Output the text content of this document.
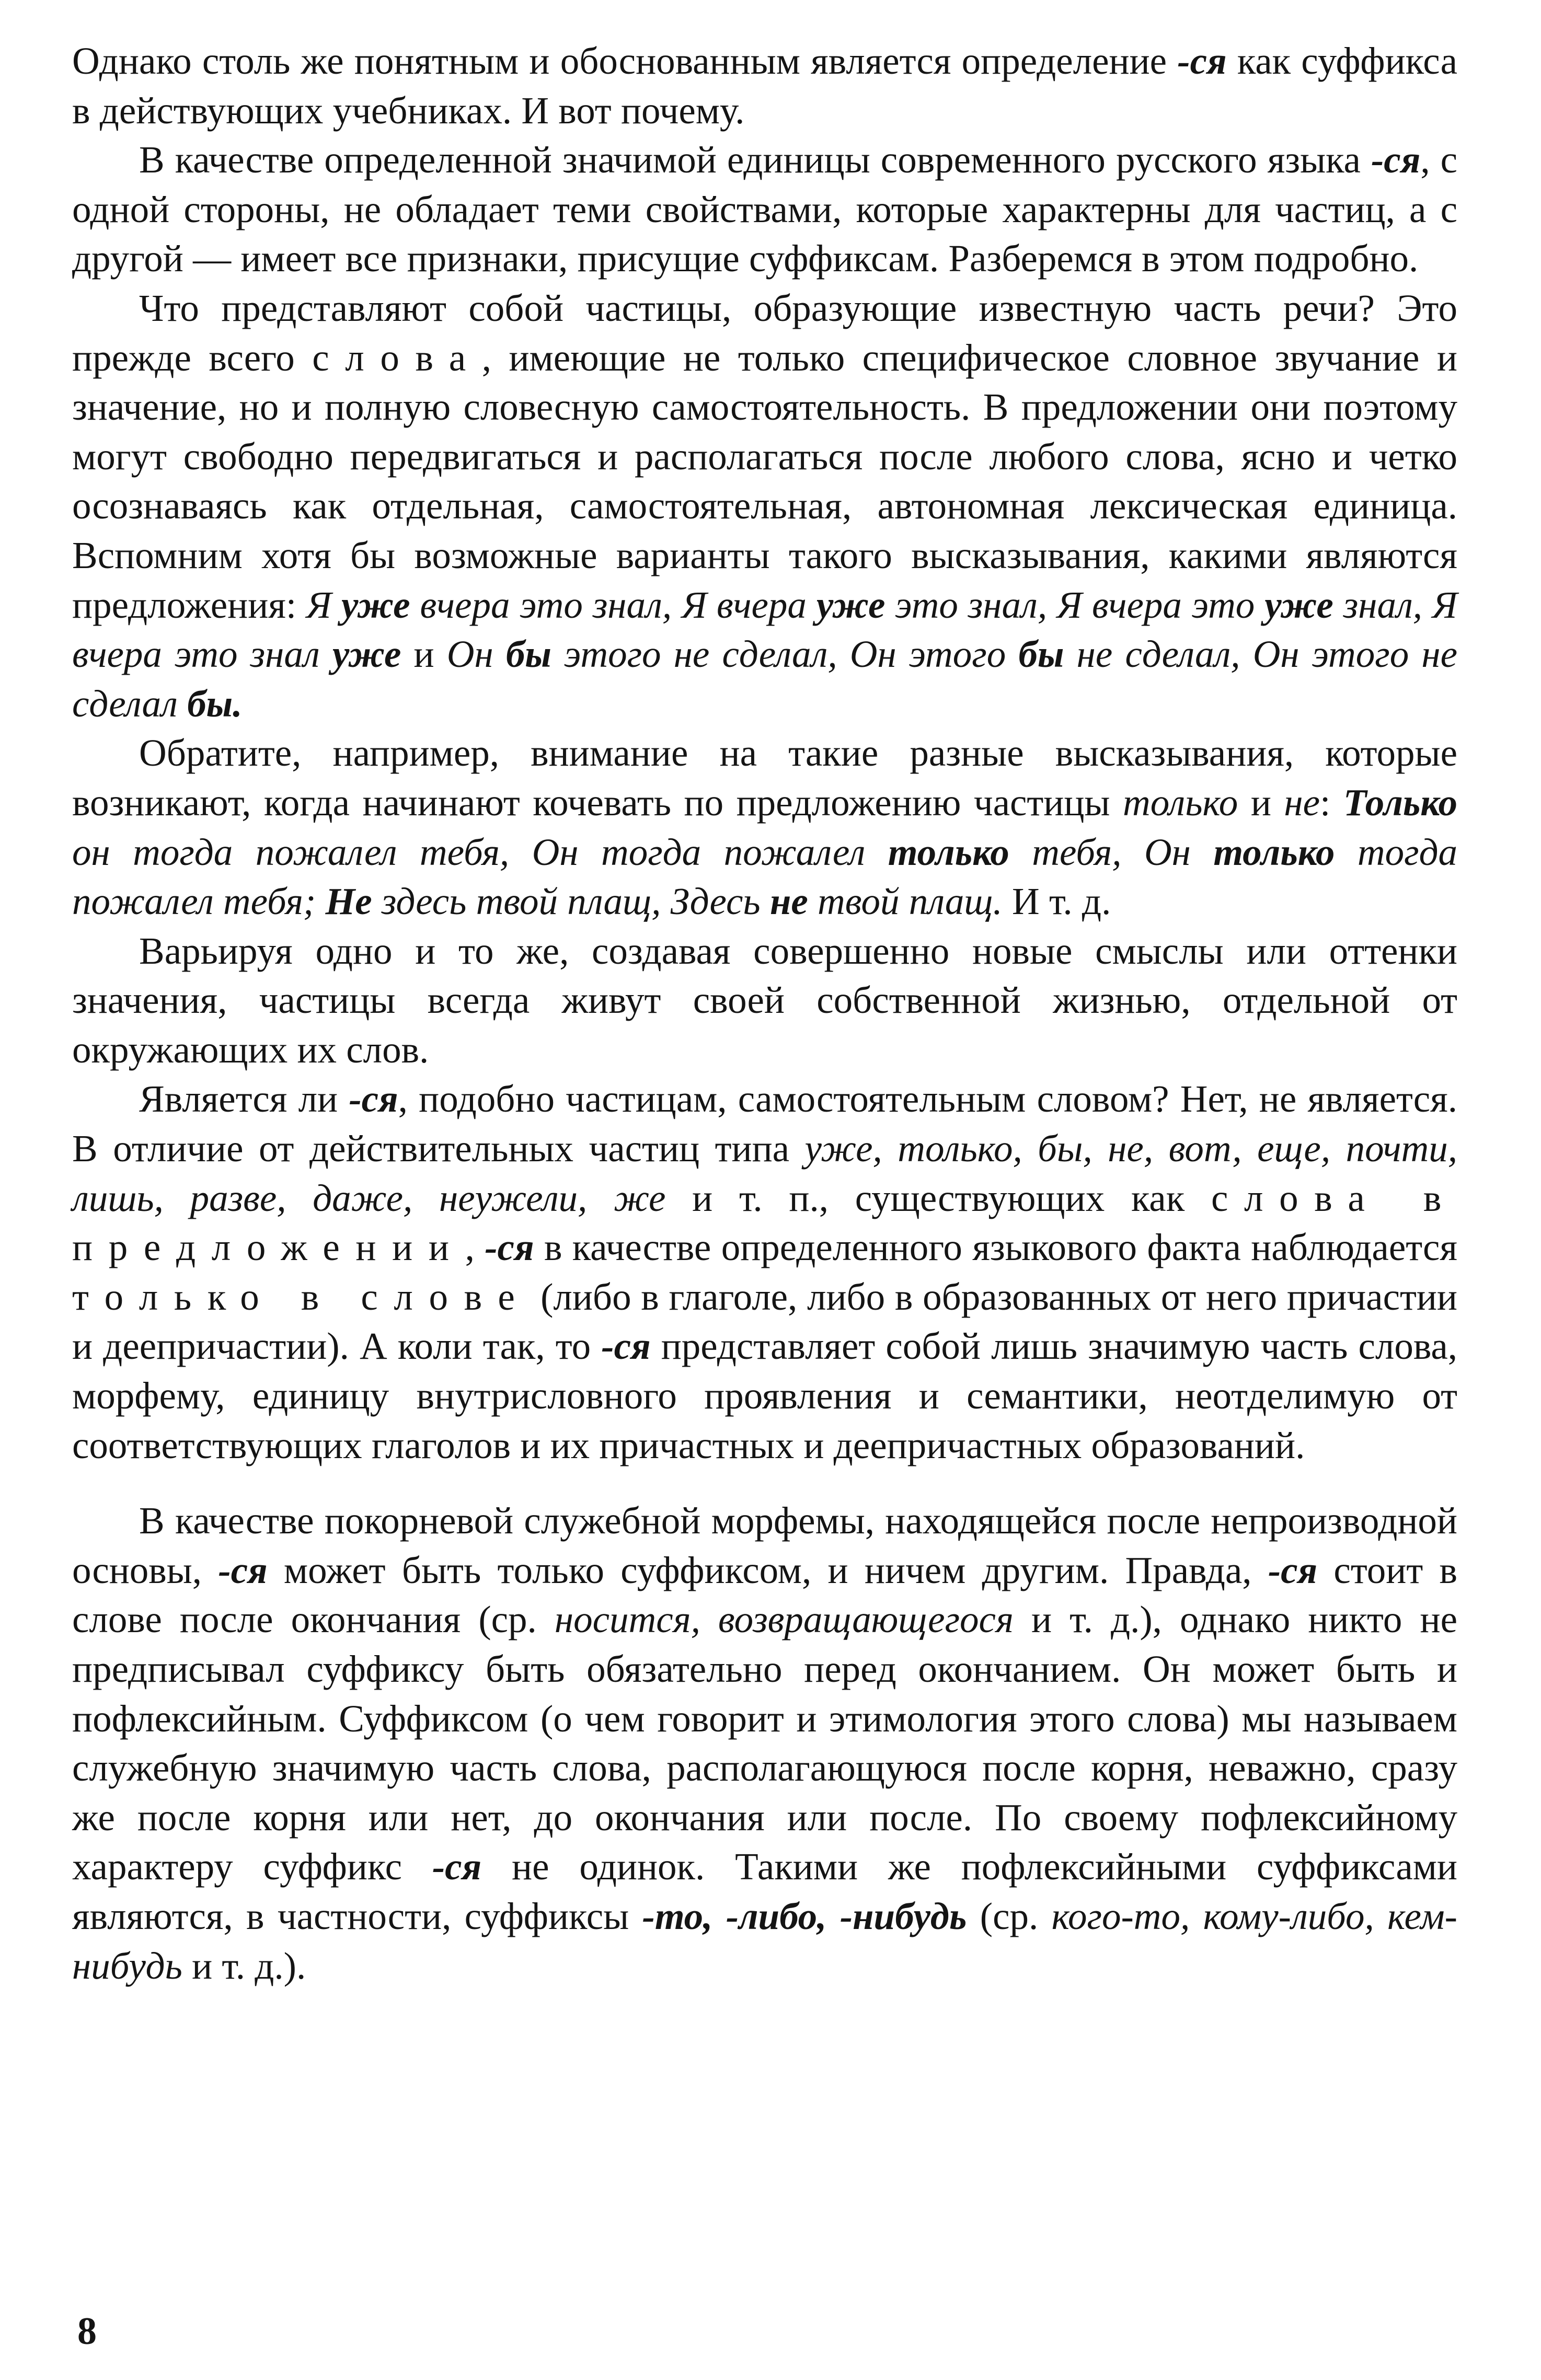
Однако столь же понятным и обоснованным является определение -ся как суффикса в действующих учебниках. И вот почему.

В качестве определенной значимой единицы современного русского языка -ся, с одной стороны, не обладает теми свойствами, которые характерны для частиц, а с другой — имеет все признаки, присущие суффиксам. Разберемся в этом подробно.

Что представляют собой частицы, образующие известную часть речи? Это прежде всего слова, имеющие не только специфическое словное звучание и значение, но и полную словесную самостоятельность. В предложении они поэтому могут свободно передвигаться и располагаться после любого слова, ясно и четко осознаваясь как отдельная, самостоятельная, автономная лексическая единица. Вспомним хотя бы возможные варианты такого высказывания, какими являются предложения: Я уже вчера это знал, Я вчера уже это знал, Я вчера это уже знал, Я вчера это знал уже и Он бы этого не сделал, Он этого бы не сделал, Он этого не сделал бы.

Обратите, например, внимание на такие разные высказывания, которые возникают, когда начинают кочевать по предложению частицы только и не: Только он тогда пожалел тебя, Он тогда пожалел только тебя, Он только тогда пожалел тебя; Не здесь твой плащ, Здесь не твой плащ. И т. д.

Варьируя одно и то же, создавая совершенно новые смыслы или оттенки значения, частицы всегда живут своей собственной жизнью, отдельной от окружающих их слов.

Является ли -ся, подобно частицам, самостоятельным словом? Нет, не является. В отличие от действительных частиц типа уже, только, бы, не, вот, еще, почти, лишь, разве, даже, неужели, же и т. п., существующих как слова в предложении, -ся в качестве определенного языкового факта наблюдается только в слове (либо в глаголе, либо в образованных от него причастии и деепричастии). А коли так, то -ся представляет собой лишь значимую часть слова, морфему, единицу внутрисловного проявления и семантики, неотделимую от соответствующих глаголов и их причастных и деепричастных образований.

В качестве покорневой служебной морфемы, находящейся после непроизводной основы, -ся может быть только суффиксом, и ничем другим. Правда, -ся стоит в слове после окончания (ср. носится, возвращающегося и т. д.), однако никто не предписывал суффиксу быть обязательно перед окончанием. Он может быть и пофлексийным. Суффиксом (о чем говорит и этимология этого слова) мы называем служебную значимую часть слова, располагающуюся после корня, неважно, сразу же после корня или нет, до окончания или после. По своему пофлексийному характеру суффикс -ся не одинок. Такими же пофлексийными суффиксами являются, в частности, суффиксы -то, -либо, -нибудь (ср. кого-то, кому-либо, кем-нибудь и т. д.).

8
